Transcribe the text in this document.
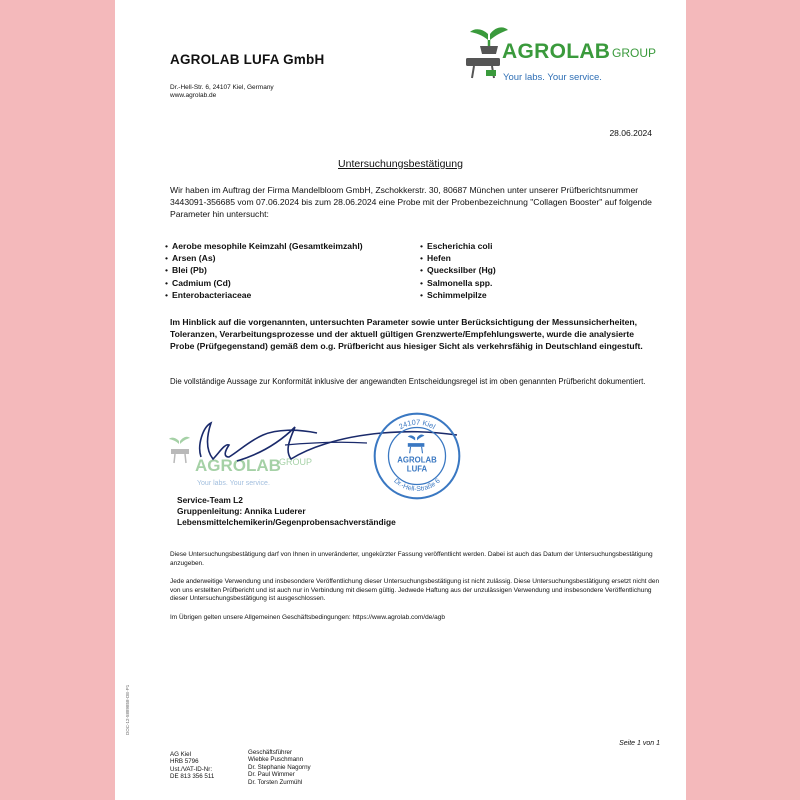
AGROLAB LUFA GmbH
Dr.-Hell-Str. 6, 24107 Kiel, Germany
www.agrolab.de
AGROLAB GROUP
Your labs. Your service.
28.06.2024
Untersuchungsbestätigung
Wir haben im Auftrag der Firma Mandelbloom GmbH, Zschokkerstr. 30, 80687 München unter unserer Prüfberichtsnummer 3443091-356685 vom 07.06.2024 bis zum 28.06.2024 eine Probe mit der Probenbezeichnung "Collagen Booster" auf folgende Parameter hin untersucht:
• Aerobe mesophile Keimzahl (Gesamtkeimzahl)
• Arsen (As)
• Blei (Pb)
• Cadmium (Cd)
• Enterobacteriaceae
• Escherichia coli
• Hefen
• Quecksilber (Hg)
• Salmonella spp.
• Schimmelpilze
Im Hinblick auf die vorgenannten, untersuchten Parameter sowie unter Berücksichtigung der Messunsicherheiten, Toleranzen, Verarbeitungsprozesse und der aktuell gültigen Grenzwerte/Empfehlungswerte, wurde die analysierte Probe (Prüfgegenstand) gemäß dem o.g. Prüfbericht aus hiesiger Sicht als verkehrsfähig in Deutschland eingestuft.
Die vollständige Aussage zur Konformität inklusive der angewandten Entscheidungsregel ist im oben genannten Prüfbericht dokumentiert.
AGROLAB
GROUP
Your labs. Your service.
24107 Kiel
Dr.-Hell-Straße 6
AGROLAB
LUFA
Service-Team L2
Gruppenleitung: Annika Luderer
Lebensmittelchemikerin/Gegenprobensachverständige
Diese Untersuchungsbestätigung darf von Ihnen in unveränderter, ungekürzter Fassung veröffentlicht werden. Dabei ist auch das Datum der Untersuchungsbestätigung anzugeben.
Jede anderweitige Verwendung und insbesondere Veröffentlichung dieser Untersuchungsbestätigung ist nicht zulässig. Diese Untersuchungsbestätigung ersetzt nicht den von uns erstellten Prüfbericht und ist auch nur in Verbindung mit diesem gültig. Jedwede Haftung aus der unzulässigen Verwendung und insbesondere Veröffentlichung dieser Untersuchungsbestätigung ist ausgeschlossen.
Im Übrigen gelten unsere Allgemeinen Geschäftsbedingungen: https://www.agrolab.com/de/agb
Seite 1 von 1
AG Kiel
HRB 5796
Ust./VAT-ID-Nr:
DE 813 356 511
Geschäftsführer
Wiebke Puschmann
Dr. Stephanie Nagorny
Dr. Paul Wimmer
Dr. Torsten Zurmühl
DOC-12-5889858-DE-P1
